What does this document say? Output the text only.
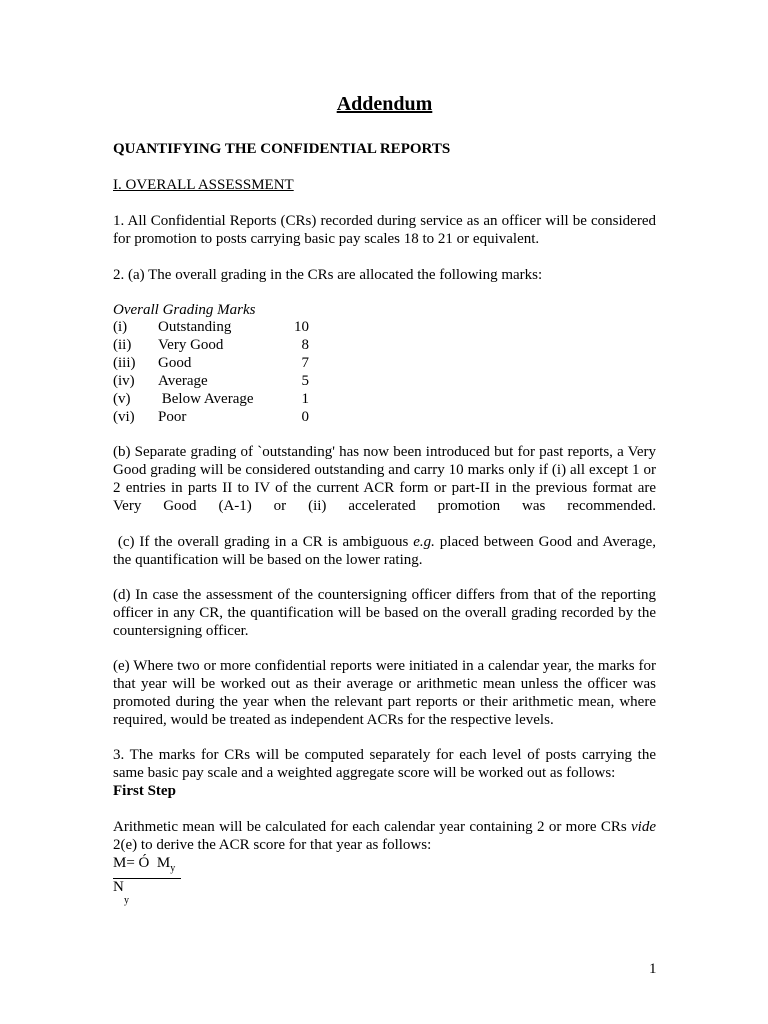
Addendum
QUANTIFYING THE CONFIDENTIAL REPORTS
I. OVERALL ASSESSMENT
1. All Confidential Reports (CRs) recorded during service as an officer will be considered for promotion to posts carrying basic pay scales 18 to 21 or equivalent.
2. (a) The overall grading in the CRs are allocated the following marks:
Overall Grading Marks
(i) Outstanding	10
(ii) Very Good	8
(iii) Good	7
(iv) Average	5
(v) Below Average	1
(vi) Poor	0
(b) Separate grading of `outstanding' has now been introduced but for past reports, a Very
Good grading will be considered outstanding and carry 10 marks only if (i) all except 1 or
2 entries in parts II to IV of the current ACR form or part-II in the previous format are
Very Good (A-1) or (ii) accelerated promotion was recommended.
(c) If the overall grading in a CR is ambiguous e.g. placed between Good and Average, the quantification will be based on the lower rating.
(d) In case the assessment of the countersigning officer differs from that of the reporting officer in any CR, the quantification will be based on the overall grading recorded by the countersigning officer.
(e) Where two or more confidential reports were initiated in a calendar year, the marks for that year will be worked out as their average or arithmetic mean unless the officer was promoted during the year when the relevant part reports or their arithmetic mean, where required, would be treated as independent ACRs for the respective levels.
3. The marks for CRs will be computed separately for each level of posts carrying the same basic pay scale and a weighted aggregate score will be worked out as follows:
First Step
Arithmetic mean will be calculated for each calendar year containing 2 or more CRs vide 2(e) to derive the ACR score for that year as follows:
M= Ó  $M_y$
N
y
1
